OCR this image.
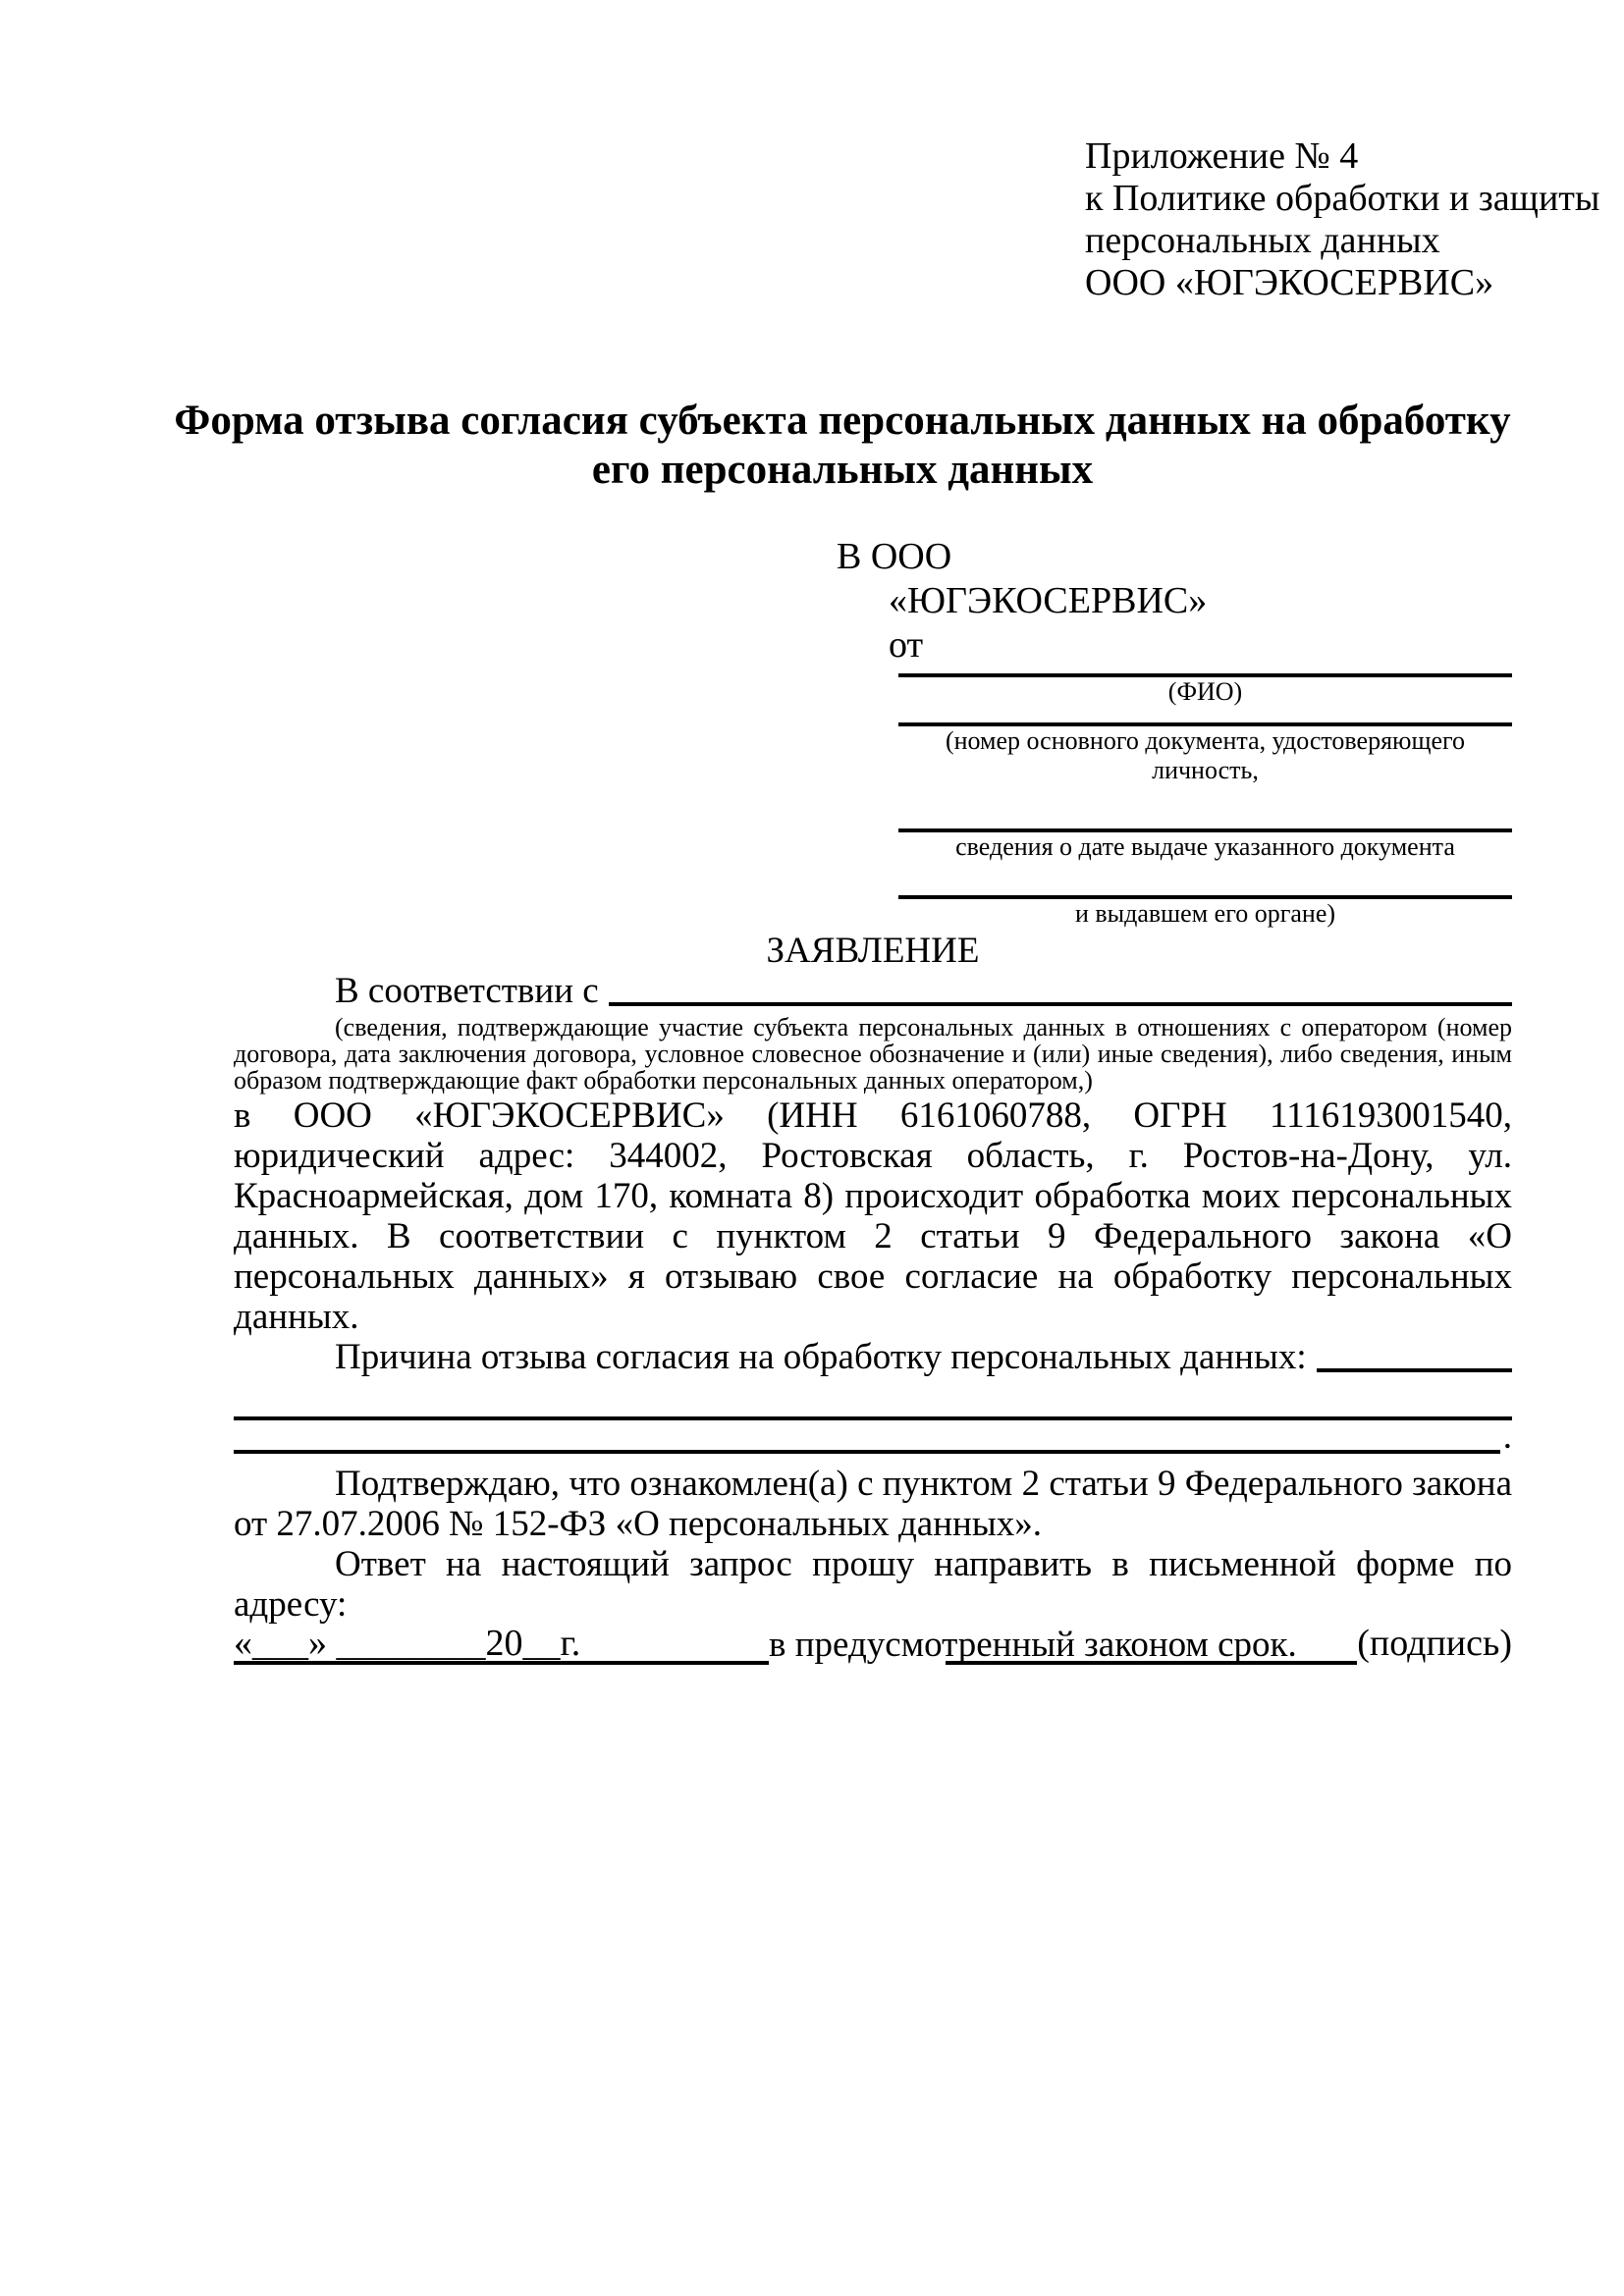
Приложение № 4
к Политике обработки и защиты
персональных данных
ООО «ЮГЭКОСЕРВИС»
Форма отзыва согласия субъекта персональных данных на обработку
его персональных данных
В ООО
«ЮГЭКОСЕРВИС»
от
(ФИО)
(номер основного документа, удостоверяющего личность,
сведения о дате выдаче указанного документа
и выдавшем его органе)
ЗАЯВЛЕНИЕ
В соответствии с
(сведения, подтверждающие участие субъекта персональных данных в отношениях с оператором (номер договора, дата заключения договора, условное словесное обозначение и (или) иные сведения), либо сведения, иным образом подтверждающие факт обработки персональных данных оператором,)
в ООО «ЮГЭКОСЕРВИС» (ИНН 6161060788, ОГРН 1116193001540, юридический адрес: 344002, Ростовская область, г. Ростов-на-Дону, ул. Красноармейская, дом 170, комната 8) происходит обработка моих персональных данных. В соответствии с пунктом 2 статьи 9 Федерального закона «О персональных данных» я отзываю свое согласие на обработку персональных данных.
Причина отзыва согласия на обработку персональных данных:
.
Подтверждаю, что ознакомлен(а) с пунктом 2 статьи 9 Федерального закона от 27.07.2006 № 152-ФЗ «О персональных данных».
Ответ на настоящий запрос прошу направить в письменной форме по адресу:
в предусмотренный законом срок.
«___» ________20__г.	(подпись)
